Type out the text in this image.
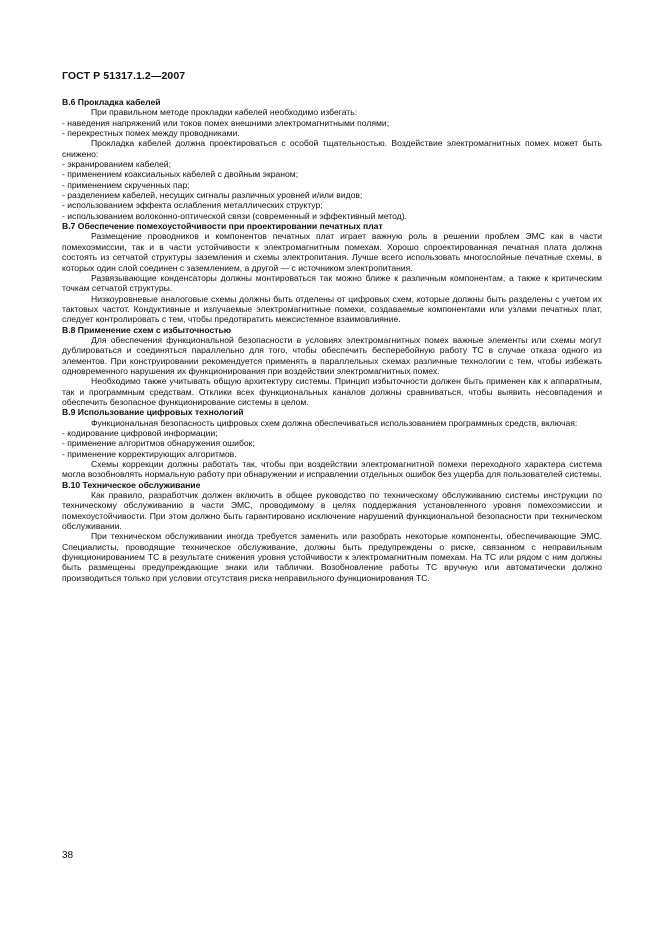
ГОСТ Р 51317.1.2—2007

В.6 Прокладка кабелей

При правильном методе прокладки кабелей необходимо избегать:

- наведения напряжений или токов помех внешними электромагнитными полями;

- перекрестных помех между проводниками.

Прокладка кабелей должна проектироваться с особой тщательностью. Воздействие электромагнитных помех может быть снижено:

- экранированием кабелей;

- применением коаксиальных кабелей с двойным экраном;

- применением скрученных пар;

- разделением кабелей, несущих сигналы различных уровней и/или видов;

- использованием эффекта ослабления металлических структур;

- использованием волоконно-оптической связи (современный и эффективный метод).

В.7 Обеспечение помехоустойчивости при проектировании печатных плат

Размещение проводников и компонентов печатных плат играет важную роль в решении проблем ЭМС как в части помехоэмиссии, так и в части устойчивости к электромагнитным помехам. Хорошо спроектированная печатная плата должна состоять из сетчатой структуры заземления и схемы электропитания. Лучше всего использовать многослойные печатные схемы, в которых один слой соединен с заземлением, а другой — с источником электропитания.

Развязывающие конденсаторы должны монтироваться так можно ближе к различным компонентам, а также к критическим точкам сетчатой структуры.

Низкоуровневые аналоговые схемы должны быть отделены от цифровых схем, которые должны быть разделены с учетом их тактовых частот. Кондуктивные и излучаемые электромагнитные помехи, создаваемые компонентами или узлами печатных плат, следует контролировать с тем, чтобы предотвратить межсистемное взаимовлияние.

В.8 Применение схем с избыточностью

Для обеспечения функциональной безопасности в условиях электромагнитных помех важные элементы или схемы могут дублироваться и соединяться параллельно для того, чтобы обеспечить бесперебойную работу ТС в случае отказа одного из элементов. При конструировании рекомендуется применять в параллельных схемах различные технологии с тем, чтобы избежать одновременного нарушения их функционирования при воздействии электромагнитных помех.

Необходимо также учитывать общую архитектуру системы. Принцип избыточности должен быть применен как к аппаратным, так и программным средствам. Отклики всех функциональных каналов должны сравниваться, чтобы выявить несовпадения и обеспечить безопасное функционирование системы в целом.

В.9 Использование цифровых технологий

Функциональная безопасность цифровых схем должна обеспечиваться использованием программных средств, включая:

- кодирование цифровой информации;

- применение алгоритмов обнаружения ошибок;

- применение корректирующих алгоритмов.

Схемы коррекции должны работать так, чтобы при воздействии электромагнитной помехи переходного характера система могла возобновлять нормальную работу при обнаружении и исправлении отдельных ошибок без ущерба для пользователей системы.

В.10 Техническое обслуживание

Как правило, разработчик должен включить в общее руководство по техническому обслуживанию системы инструкции по техническому обслуживанию в части ЭМС, проводимому в целях поддержания установленного уровня помехоэмиссии и помехоустойчивости. При этом должно быть гарантировано исключение нарушений функциональной безопасности при техническом обслуживании.

При техническом обслуживании иногда требуется заменить или разобрать некоторые компоненты, обеспечивающие ЭМС. Специалисты, проводящие техническое обслуживание, должны быть предупреждены о риске, связанном с неправильным функционированием ТС в результате снижения уровня устойчивости к электромагнитным помехам. На ТС или рядом с ним должны быть размещены предупреждающие знаки или таблички. Возобновление работы ТС вручную или автоматически должно производиться только при условии отсутствия риска неправильного функционирования ТС.

38
